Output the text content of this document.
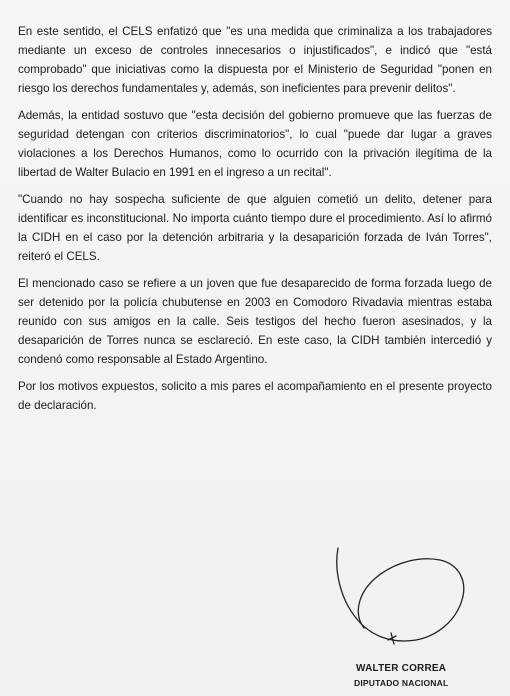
En este sentido, el CELS enfatizó que "es una medida que criminaliza a los trabajadores mediante un exceso de controles innecesarios o injustificados", e indicó que "está comprobado" que iniciativas como la dispuesta por el Ministerio de Seguridad "ponen en riesgo los derechos fundamentales y, además, son ineficientes para prevenir delitos".

Además, la entidad sostuvo que "esta decisión del gobierno promueve que las fuerzas de seguridad detengan con criterios discriminatorios", lo cual "puede dar lugar a graves violaciones a los Derechos Humanos, como lo ocurrido con la privación ilegítima de la libertad de Walter Bulacio en 1991 en el ingreso a un recital".

"Cuando no hay sospecha suficiente de que alguien cometió un delito, detener para identificar es inconstitucional. No importa cuánto tiempo dure el procedimiento. Así lo afirmó la CIDH en el caso por la detención arbitraria y la desaparición forzada de Iván Torres", reiteró el CELS.

El mencionado caso se refiere a un joven que fue desaparecido de forma forzada luego de ser detenido por la policía chubutense en 2003 en Comodoro Rivadavia mientras estaba reunido con sus amigos en la calle. Seis testigos del hecho fueron asesinados, y la desaparición de Torres nunca se esclareció. En este caso, la CIDH también intercedió y condenó como responsable al Estado Argentino.

Por los motivos expuestos, solicito a mis pares el acompañamiento en el presente proyecto de declaración.

WALTER CORREA
DIPUTADO NACIONAL
